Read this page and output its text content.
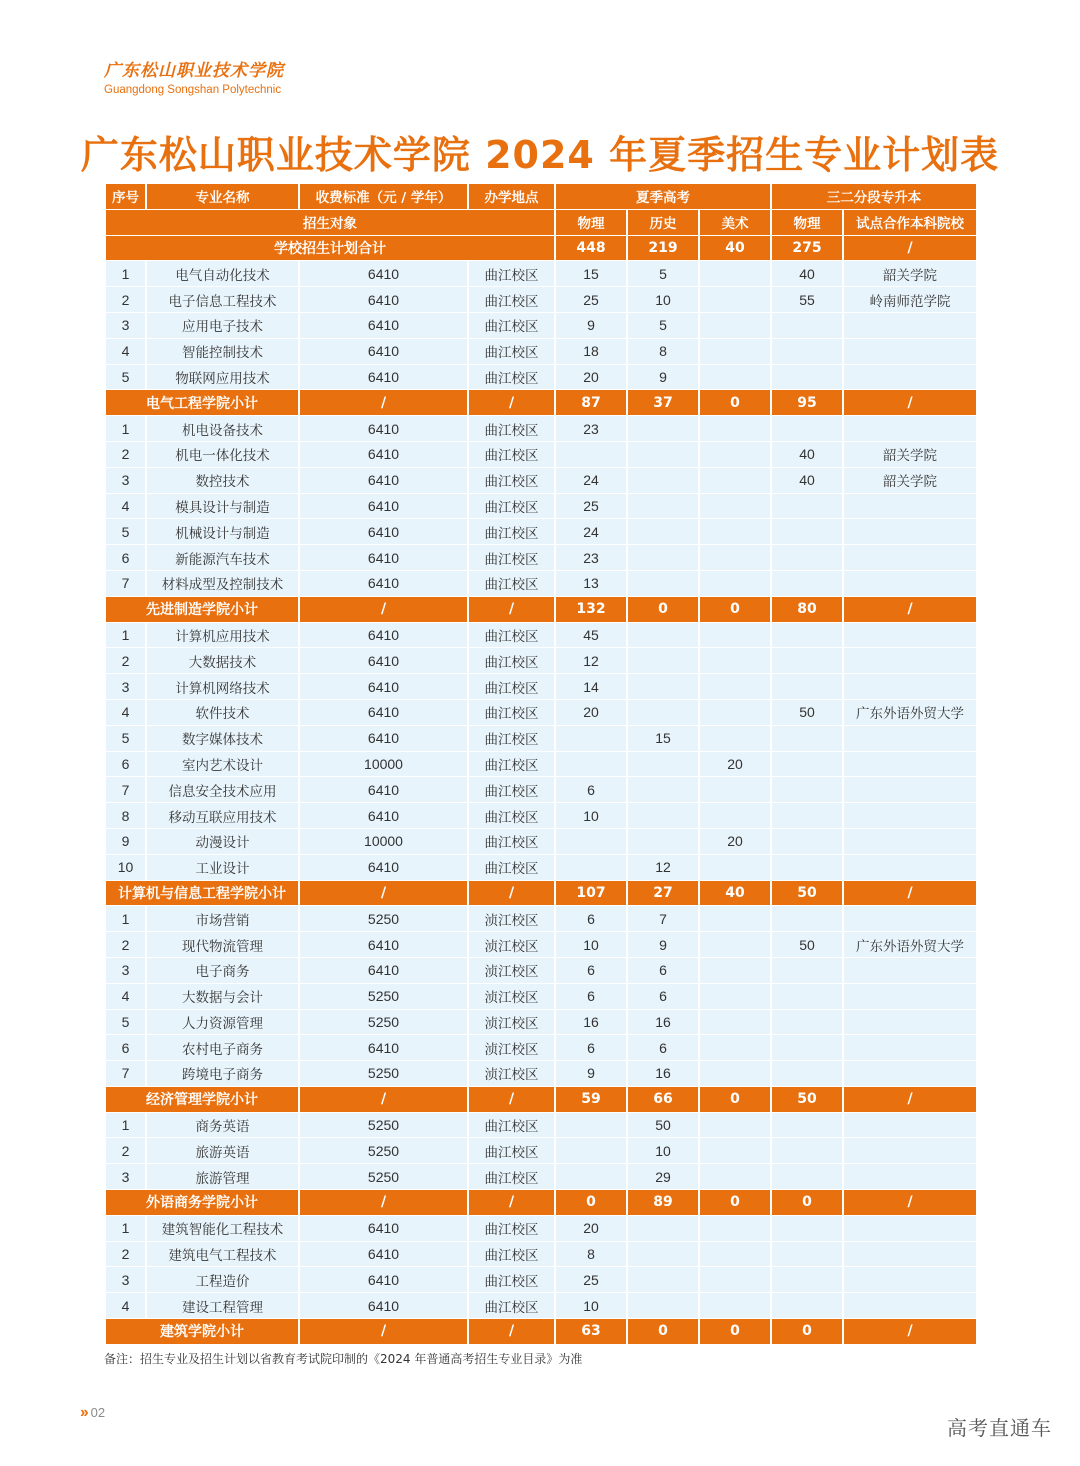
广东松山职业技术学院
Guangdong Songshan Polytechnic
广东松山职业技术学院 2024 年夏季招生专业计划表
序号	专业名称	收费标准（元 / 学年）	办学地点	夏季高考			三二分段专升本	
招生对象				物理	历史	美术	物理	试点合作本科院校
学校招生计划合计				448	219	40	275	/
1	电气自动化技术	6410	曲江校区	15	5		40	韶关学院
2	电子信息工程技术	6410	曲江校区	25	10		55	岭南师范学院
3	应用电子技术	6410	曲江校区	9	5			
4	智能控制技术	6410	曲江校区	18	8			
5	物联网应用技术	6410	曲江校区	20	9			
电气工程学院小计		/	/	87	37	0	95	/
1	机电设备技术	6410	曲江校区	23				
2	机电一体化技术	6410	曲江校区				40	韶关学院
3	数控技术	6410	曲江校区	24			40	韶关学院
4	模具设计与制造	6410	曲江校区	25				
5	机械设计与制造	6410	曲江校区	24				
6	新能源汽车技术	6410	曲江校区	23				
7	材料成型及控制技术	6410	曲江校区	13				
先进制造学院小计		/	/	132	0	0	80	/
1	计算机应用技术	6410	曲江校区	45				
2	大数据技术	6410	曲江校区	12				
3	计算机网络技术	6410	曲江校区	14				
4	软件技术	6410	曲江校区	20			50	广东外语外贸大学
5	数字媒体技术	6410	曲江校区		15			
6	室内艺术设计	10000	曲江校区			20		
7	信息安全技术应用	6410	曲江校区	6				
8	移动互联应用技术	6410	曲江校区	10				
9	动漫设计	10000	曲江校区			20		
10	工业设计	6410	曲江校区		12			
计算机与信息工程学院小计		/	/	107	27	40	50	/
1	市场营销	5250	浈江校区	6	7			
2	现代物流管理	6410	浈江校区	10	9		50	广东外语外贸大学
3	电子商务	6410	浈江校区	6	6			
4	大数据与会计	5250	浈江校区	6	6			
5	人力资源管理	5250	浈江校区	16	16			
6	农村电子商务	6410	浈江校区	6	6			
7	跨境电子商务	5250	浈江校区	9	16			
经济管理学院小计		/	/	59	66	0	50	/
1	商务英语	5250	曲江校区		50			
2	旅游英语	5250	曲江校区		10			
3	旅游管理	5250	曲江校区		29			
外语商务学院小计		/	/	0	89	0	0	/
1	建筑智能化工程技术	6410	曲江校区	20				
2	建筑电气工程技术	6410	曲江校区	8				
3	工程造价	6410	曲江校区	25				
4	建设工程管理	6410	曲江校区	10				
建筑学院小计		/	/	63	0	0	0	/
备注：招生专业及招生计划以省教育考试院印制的《2024 年普通高考招生专业目录》为准
›› 02
高考直通车
